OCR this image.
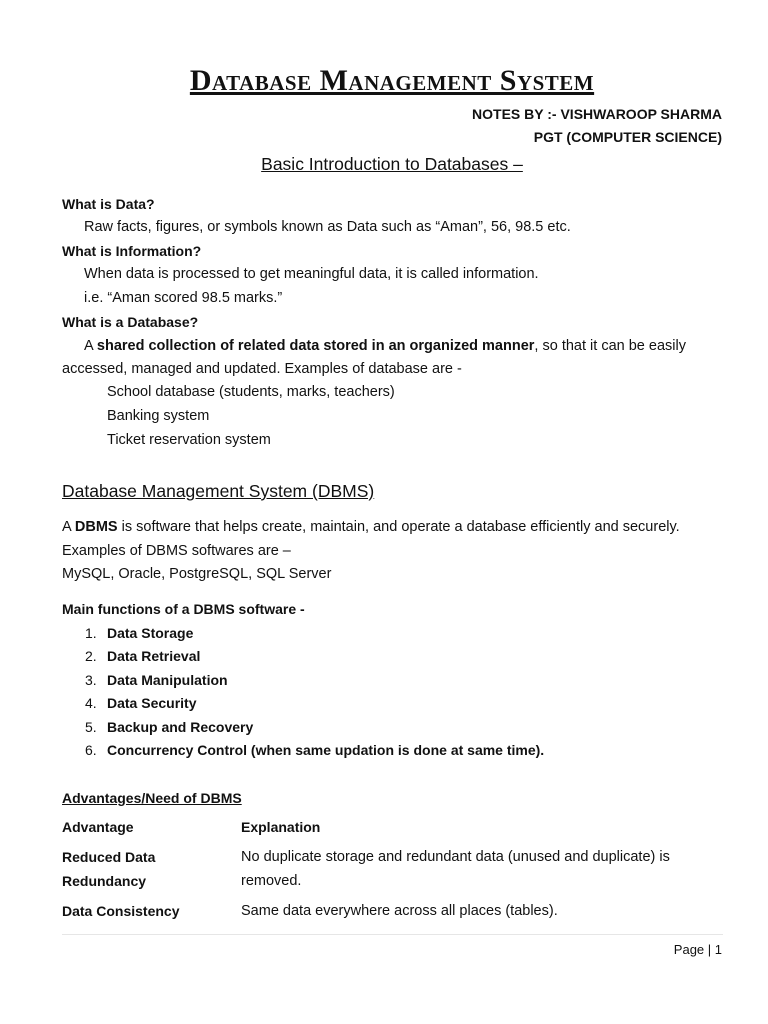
Database Management System
NOTES BY :- VISHWAROOP SHARMA
PGT (COMPUTER SCIENCE)
Basic Introduction to Databases –
What is Data?
Raw facts, figures, or symbols known as Data such as “Aman”, 56, 98.5 etc.
What is Information?
When data is processed to get meaningful data, it is called information.
i.e. “Aman scored 98.5 marks.”
What is a Database?
A shared collection of related data stored in an organized manner, so that it can be easily
accessed, managed and updated. Examples of database are -
School database (students, marks, teachers)
Banking system
Ticket reservation system
Database Management System (DBMS)
A DBMS is software that helps create, maintain, and operate a database efficiently and securely.
Examples of DBMS softwares are –
MySQL, Oracle, PostgreSQL, SQL Server
Main functions of a DBMS software -
1. Data Storage
2. Data Retrieval
3. Data Manipulation
4. Data Security
5. Backup and Recovery
6. Concurrency Control (when same updation is done at same time).
Advantages/Need of DBMS
Advantage	Explanation
Reduced Data
Redundancy
No duplicate storage and redundant data (unused and duplicate) is
removed.
Data Consistency	Same data everywhere across all places (tables).
Page | 1
